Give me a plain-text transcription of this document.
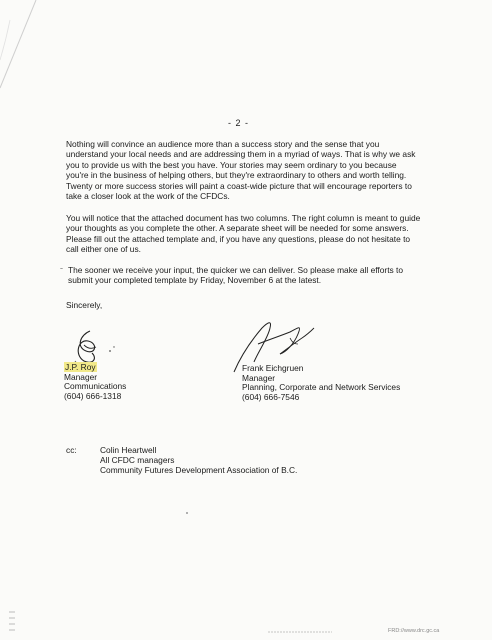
- 2 -
Nothing will convince an audience more than a success story and the sense that you understand your local needs and are addressing them in a myriad of ways. That is why we ask you to provide us with the best you have. Your stories may seem ordinary to you because you're in the business of helping others, but they're extraordinary to others and worth telling. Twenty or more success stories will paint a coast-wide picture that will encourage reporters to take a closer look at the work of the CFDCs.
You will notice that the attached document has two columns. The right column is meant to guide your thoughts as you complete the other. A separate sheet will be needed for some answers. Please fill out the attached template and, if you have any questions, please do not hesitate to call either one of us.
The sooner we receive your input, the quicker we can deliver. So please make all efforts to submit your completed template by Friday, November 6 at the latest.
Sincerely,
J.P. Roy
Manager
Communications
(604) 666-1318
Frank Eichgruen
Manager
Planning, Corporate and Network Services
(604) 666-7546
cc:	Colin Heartwell
All CFDC managers
Community Futures Development Association of B.C.
FRD://www.drc.gc.ca
